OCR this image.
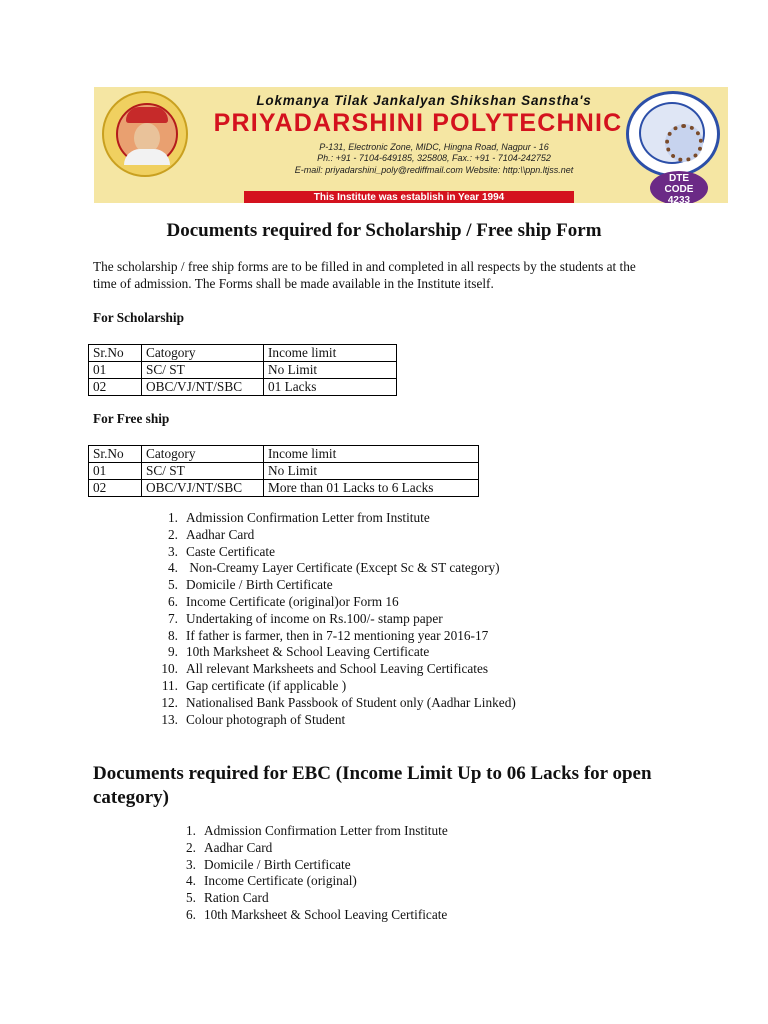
Lokmanya Tilak Jankalyan Shikshan Sanstha's
PRIYADARSHINI POLYTECHNIC
P-131, Electronic Zone, MIDC, Hingna Road, Nagpur - 16
Ph.: +91 - 7104-649185, 325808, Fax.: +91 - 7104-242752
E-mail: priyadarshini_poly@rediffmail.com Website: http:\\ppn.ltjss.net
DTE
CODE
4233
This Institute was establish in Year 1994
Documents required for Scholarship / Free ship Form
The scholarship / free ship forms are to be filled in and completed in all respects by the students at the time of admission. The Forms shall be made available in the Institute itself.
For Scholarship
Sr.No	Catogory	Income limit
01	SC/ ST	No Limit
02	OBC/VJ/NT/SBC	01 Lacks
For Free ship
Sr.No	Catogory	Income limit
01	SC/ ST	No Limit
02	OBC/VJ/NT/SBC	More than 01 Lacks to 6 Lacks
1. Admission Confirmation Letter from Institute
2. Aadhar Card
3. Caste Certificate
4. Non-Creamy Layer Certificate (Except Sc & ST category)
5. Domicile / Birth Certificate
6. Income Certificate (original)or Form 16
7. Undertaking of income on Rs.100/- stamp paper
8. If father is farmer, then in 7-12 mentioning year 2016-17
9. 10th Marksheet & School Leaving Certificate
10. All relevant Marksheets and School Leaving Certificates
11. Gap certificate (if applicable )
12. Nationalised Bank Passbook of Student only (Aadhar Linked)
13. Colour photograph of Student
Documents required for EBC (Income Limit Up to 06 Lacks for open category)
1. Admission Confirmation Letter from Institute
2. Aadhar Card
3. Domicile / Birth Certificate
4. Income Certificate (original)
5. Ration Card
6. 10th Marksheet & School Leaving Certificate
